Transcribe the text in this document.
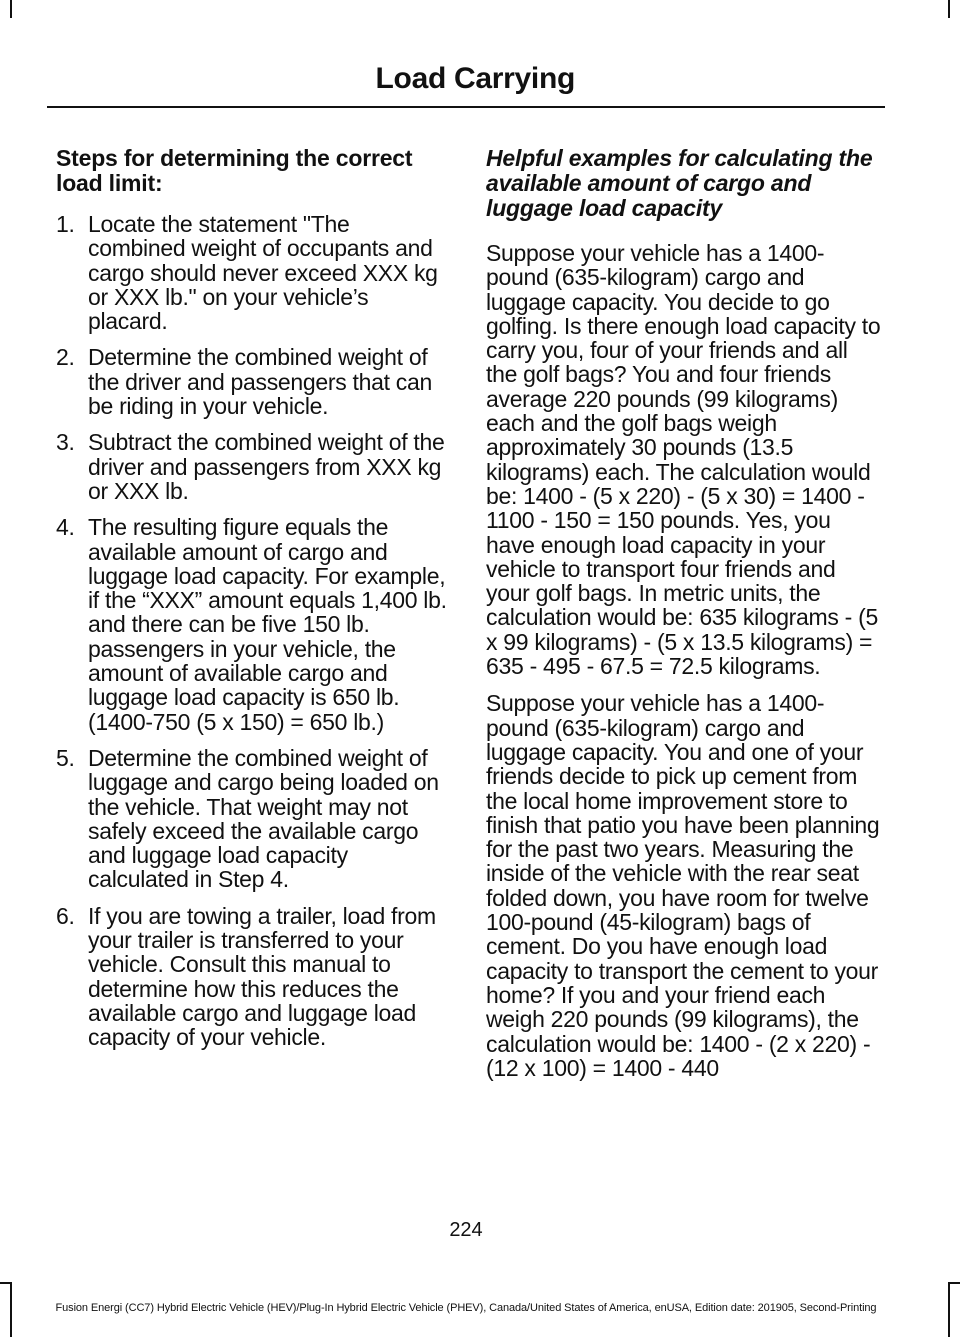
Load Carrying
Steps for determining the correct load limit:
1. Locate the statement "The combined weight of occupants and cargo should never exceed XXX kg or XXX lb." on your vehicle’s placard.
2. Determine the combined weight of the driver and passengers that can be riding in your vehicle.
3. Subtract the combined weight of the driver and passengers from XXX kg or XXX lb.
4. The resulting figure equals the available amount of cargo and luggage load capacity. For example, if the “XXX” amount equals 1,400 lb. and there can be five 150 lb. passengers in your vehicle, the amount of available cargo and luggage load capacity is 650 lb. (1400-750 (5 x 150) = 650 lb.)
5. Determine the combined weight of luggage and cargo being loaded on the vehicle. That weight may not safely exceed the available cargo and luggage load capacity calculated in Step 4.
6. If you are towing a trailer, load from your trailer is transferred to your vehicle. Consult this manual to determine how this reduces the available cargo and luggage load capacity of your vehicle.
Helpful examples for calculating the available amount of cargo and luggage load capacity

Suppose your vehicle has a 1400-pound (635-kilogram) cargo and luggage capacity. You decide to go golfing. Is there enough load capacity to carry you, four of your friends and all the golf bags? You and four friends average 220 pounds (99 kilograms) each and the golf bags weigh approximately 30 pounds (13.5 kilograms) each. The calculation would be: 1400 - (5 x 220) - (5 x 30) = 1400 - 1100 - 150 = 150 pounds. Yes, you have enough load capacity in your vehicle to transport four friends and your golf bags. In metric units, the calculation would be: 635 kilograms - (5 x 99 kilograms) - (5 x 13.5 kilograms) = 635 - 495 - 67.5 = 72.5 kilograms.

Suppose your vehicle has a 1400-pound (635-kilogram) cargo and luggage capacity. You and one of your friends decide to pick up cement from the local home improvement store to finish that patio you have been planning for the past two years. Measuring the inside of the vehicle with the rear seat folded down, you have room for twelve 100-pound (45-kilogram) bags of cement. Do you have enough load capacity to transport the cement to your home? If you and your friend each weigh 220 pounds (99 kilograms), the calculation would be: 1400 - (2 x 220) - (12 x 100) = 1400 - 440

224
Fusion Energi (CC7) Hybrid Electric Vehicle (HEV)/Plug-In Hybrid Electric Vehicle (PHEV), Canada/United States of America, enUSA, Edition date: 201905, Second-Printing
